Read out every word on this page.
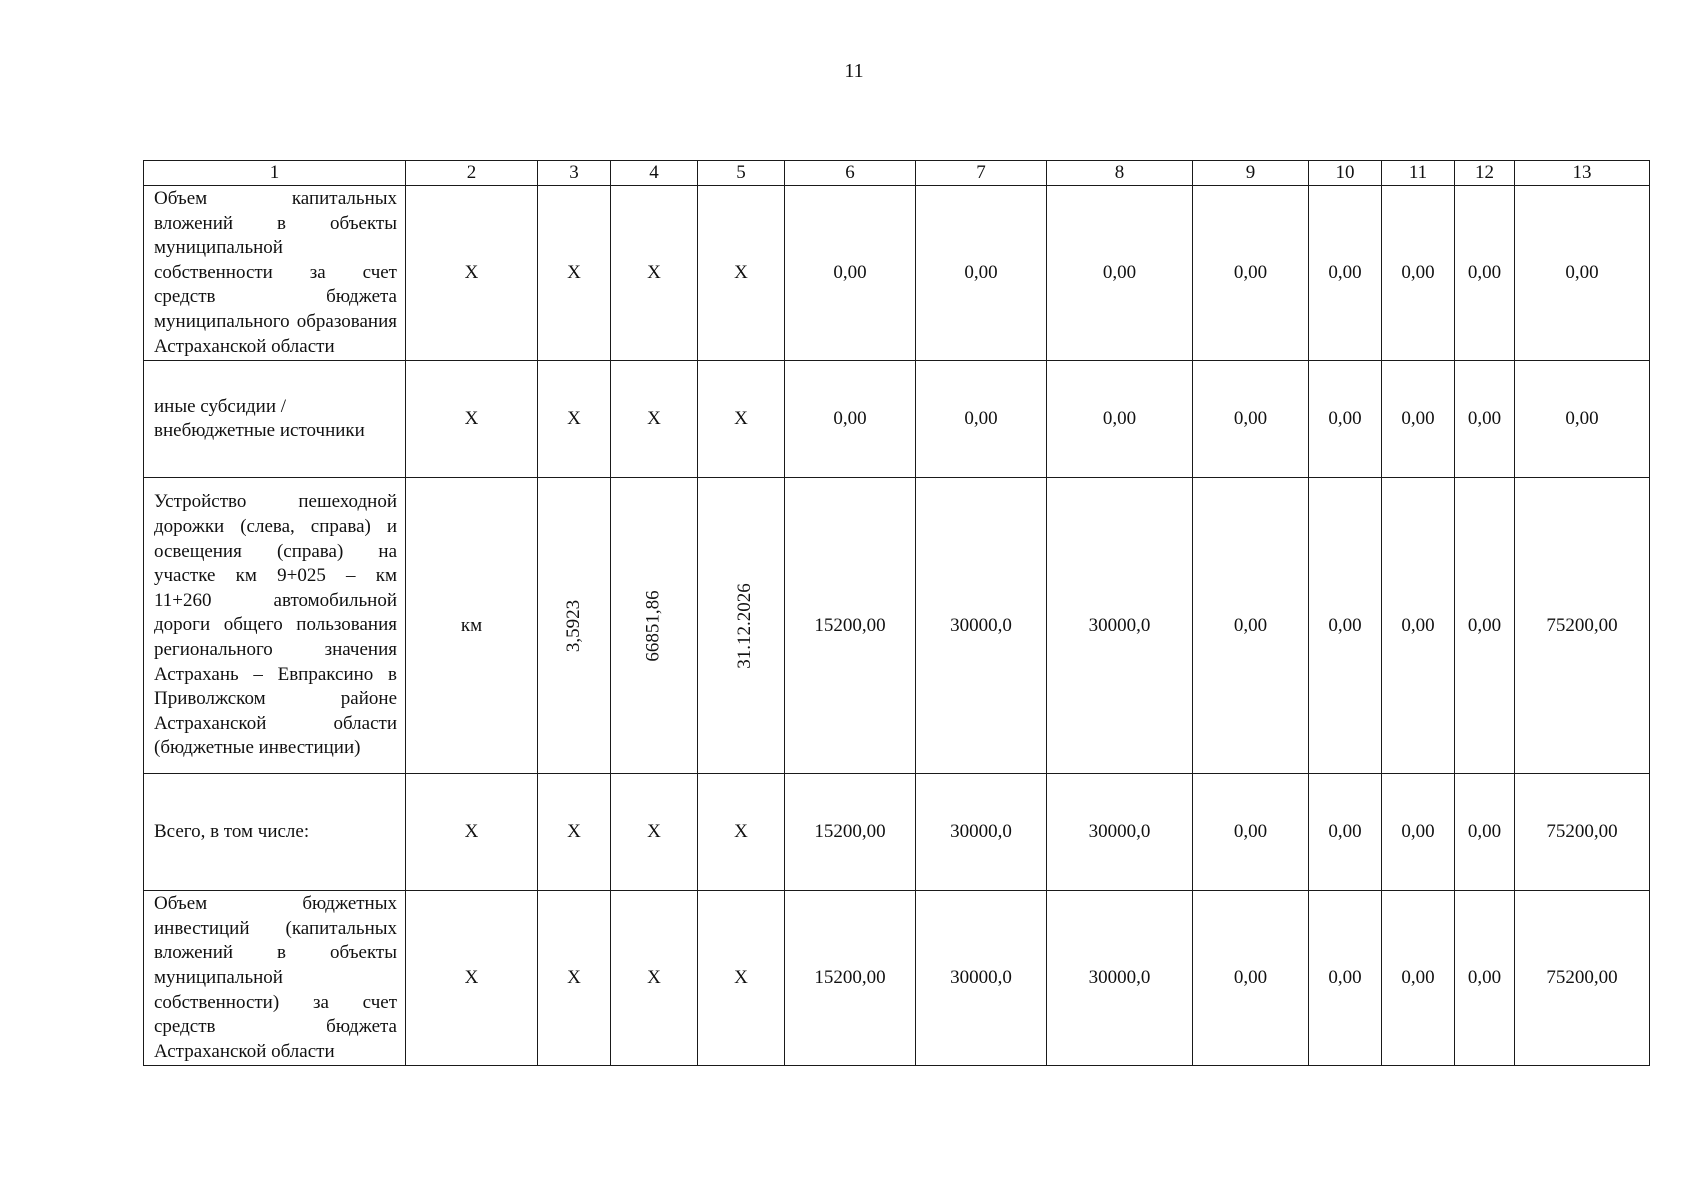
11
1	2	3	4	5	6	7	8	9	10	11	12	13
Объем капитальных вложений в объекты муниципальной собственности за счет средств бюджета муниципального образования Астраханской области	X	X	X	X	0,00	0,00	0,00	0,00	0,00	0,00	0,00	0,00
иные субсидии / внебюджетные источники	X	X	X	X	0,00	0,00	0,00	0,00	0,00	0,00	0,00	0,00
Устройство пешеходной дорожки (слева, справа) и освещения (справа) на участке км 9+025 – км 11+260 автомобильной дороги общего пользования регионального значения Астрахань – Евпраксино в Приволжском районе Астраханской области (бюджетные инвестиции)	км	3,5923	66851,86	31.12.2026	15200,00	30000,0	30000,0	0,00	0,00	0,00	0,00	75200,00
Всего, в том числе:	X	X	X	X	15200,00	30000,0	30000,0	0,00	0,00	0,00	0,00	75200,00
Объем бюджетных инвестиций (капитальных вложений в объекты муниципальной собственности) за счет средств бюджета Астраханской области	X	X	X	X	15200,00	30000,0	30000,0	0,00	0,00	0,00	0,00	75200,00
